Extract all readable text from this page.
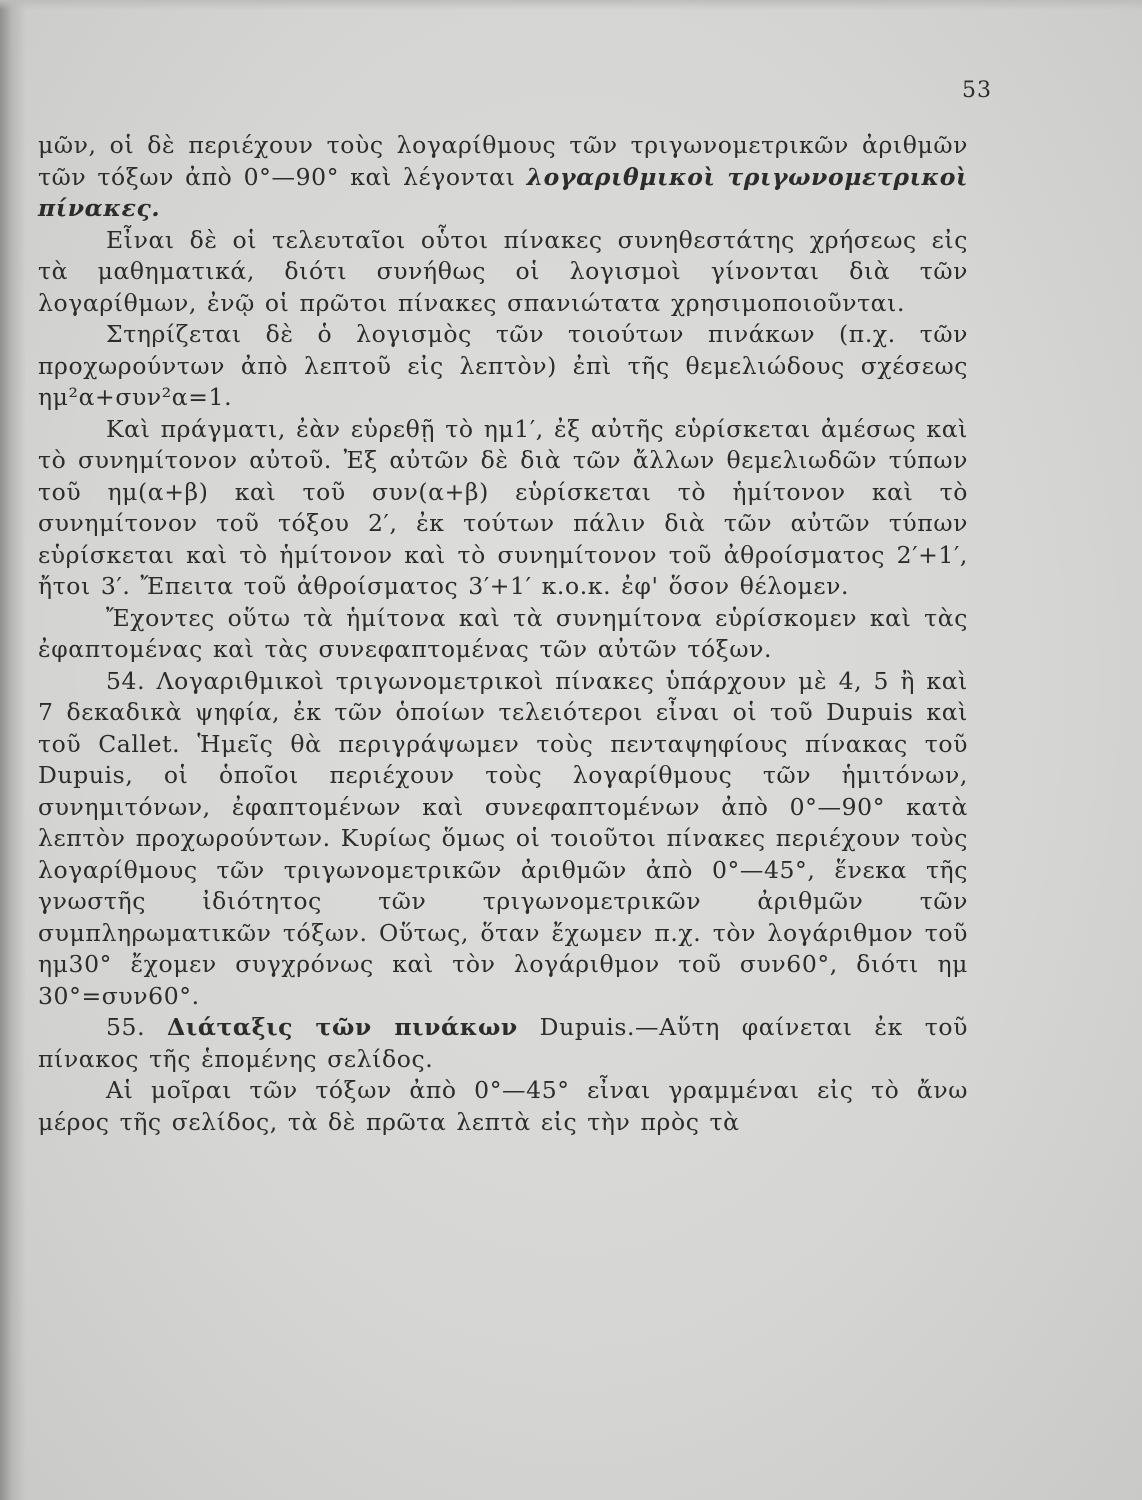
53

μῶν, οἱ δὲ περιέχουν τοὺς λογαρίθμους τῶν τριγωνομετρικῶν ἀριθμῶν τῶν τόξων ἀπὸ 0°—90° καὶ λέγονται λογαριθμικοὶ τριγωνομετρικοὶ πίνακες.

Εἶναι δὲ οἱ τελευταῖοι οὗτοι πίνακες συνηθεστάτης χρήσεως εἰς τὰ μαθηματικά, διότι συνήθως οἱ λογισμοὶ γίνονται διὰ τῶν λογαρίθμων, ἐνῷ οἱ πρῶτοι πίνακες σπανιώτατα χρησιμοποιοῦνται.

Στηρίζεται δὲ ὁ λογισμὸς τῶν τοιούτων πινάκων (π.χ. τῶν προχωρούντων ἀπὸ λεπτοῦ εἰς λεπτὸν) ἐπὶ τῆς θεμελιώδους σχέσεως ημ²α+συν²α=1.

Καὶ πράγματι, ἐὰν εὑρεθῇ τὸ ημ1′, ἐξ αὐτῆς εὑρίσκεται ἀμέσως καὶ τὸ συνημίτονον αὐτοῦ. Ἐξ αὐτῶν δὲ διὰ τῶν ἄλλων θεμελιωδῶν τύπων τοῦ ημ(α+β) καὶ τοῦ συν(α+β) εὑρίσκεται τὸ ἡμίτονον καὶ τὸ συνημίτονον τοῦ τόξου 2′, ἐκ τούτων πάλιν διὰ τῶν αὐτῶν τύπων εὑρίσκεται καὶ τὸ ἡμίτονον καὶ τὸ συνημίτονον τοῦ ἀθροίσματος 2′+1′, ἤτοι 3′. Ἔπειτα τοῦ ἀθροίσματος 3′+1′ κ.ο.κ. ἐφ' ὅσον θέλομεν.

Ἔχοντες οὕτω τὰ ἡμίτονα καὶ τὰ συνημίτονα εὑρίσκομεν καὶ τὰς ἐφαπτομένας καὶ τὰς συνεφαπτομένας τῶν αὐτῶν τόξων.

54. Λογαριθμικοὶ τριγωνομετρικοὶ πίνακες ὑπάρχουν μὲ 4, 5 ἢ καὶ 7 δεκαδικὰ ψηφία, ἐκ τῶν ὁποίων τελειότεροι εἶναι οἱ τοῦ Dupuis καὶ τοῦ Callet. Ἡμεῖς θὰ περιγράψωμεν τοὺς πενταψηφίους πίνακας τοῦ Dupuis, οἱ ὁποῖοι περιέχουν τοὺς λογαρίθμους τῶν ἡμιτόνων, συνημιτόνων, ἐφαπτομένων καὶ συνεφαπτομένων ἀπὸ 0°—90° κατὰ λεπτὸν προχωρούντων. Κυρίως ὅμως οἱ τοιοῦτοι πίνακες περιέχουν τοὺς λογαρίθμους τῶν τριγωνομετρικῶν ἀριθμῶν ἀπὸ 0°—45°, ἕνεκα τῆς γνωστῆς ἰδιότητος τῶν τριγωνομετρικῶν ἀριθμῶν τῶν συμπληρωματικῶν τόξων. Οὕτως, ὅταν ἔχωμεν π.χ. τὸν λογάριθμον τοῦ ημ30° ἔχομεν συγχρόνως καὶ τὸν λογάριθμον τοῦ συν60°, διότι ημ 30°=συν60°.

55. Διάταξις τῶν πινάκων Dupuis.—Αὕτη φαίνεται ἐκ τοῦ πίνακος τῆς ἑπομένης σελίδος.

Αἱ μοῖραι τῶν τόξων ἀπὸ 0°—45° εἶναι γραμμέναι εἰς τὸ ἄνω μέρος τῆς σελίδος, τὰ δὲ πρῶτα λεπτὰ εἰς τὴν πρὸς τὰ
